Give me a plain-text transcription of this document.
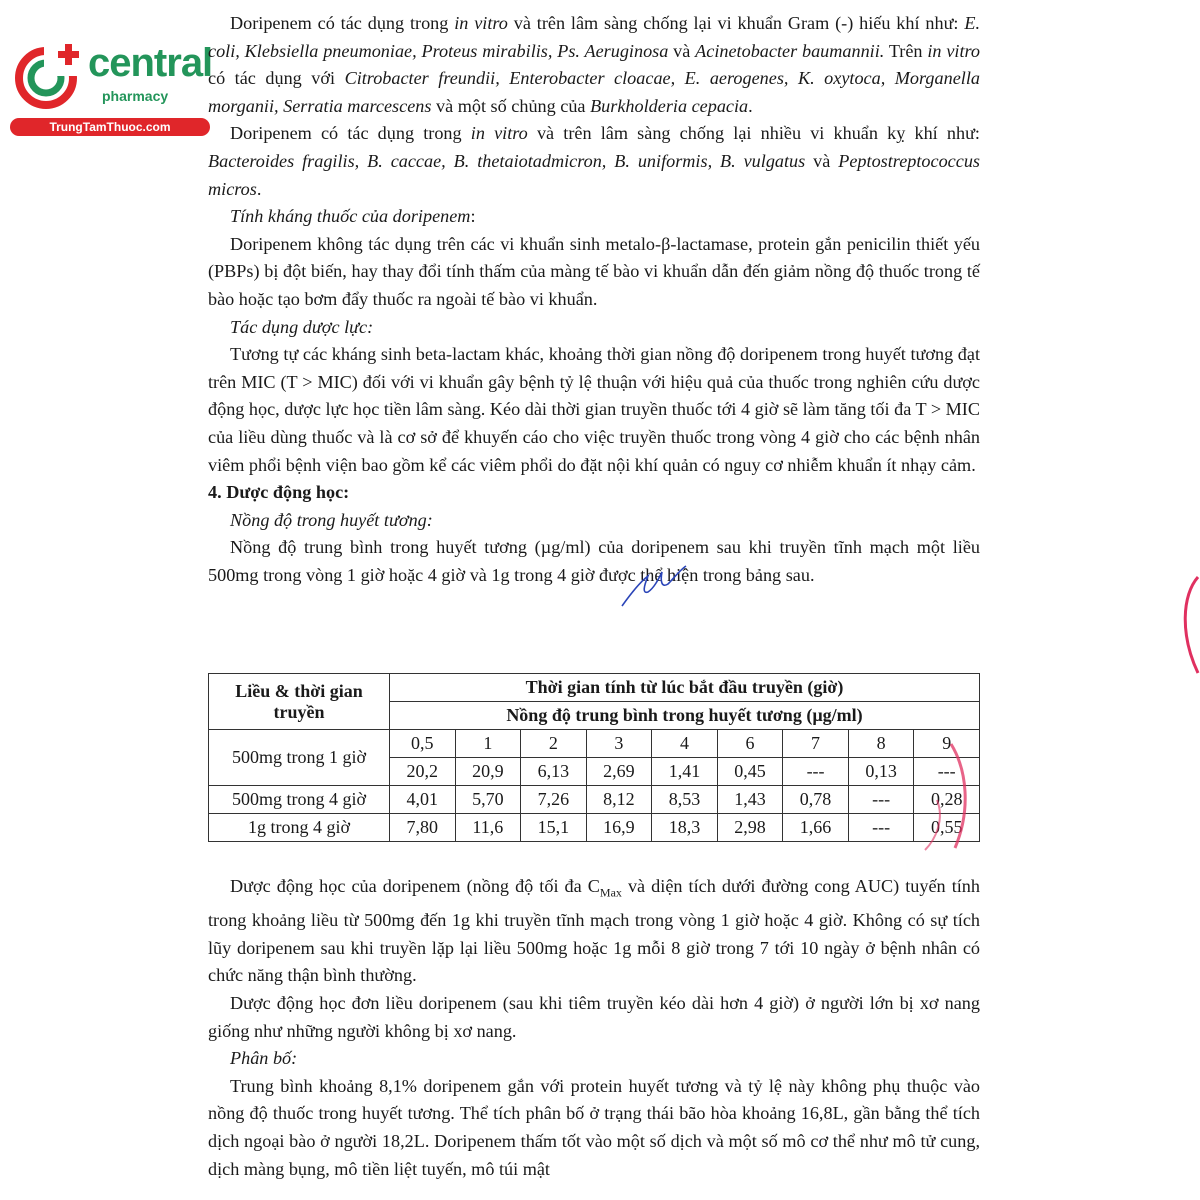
central
pharmacy
TrungTamThuoc.com

Doripenem có tác dụng trong in vitro và trên lâm sàng chống lại vi khuẩn Gram (-) hiếu khí như: E. coli, Klebsiella pneumoniae, Proteus mirabilis, Ps. Aeruginosa và Acinetobacter baumannii. Trên in vitro có tác dụng với Citrobacter freundii, Enterobacter cloacae, E. aerogenes, K. oxytoca, Morganella morganii, Serratia marcescens và một số chủng của Burkholderia cepacia.

Doripenem có tác dụng trong in vitro và trên lâm sàng chống lại nhiều vi khuẩn kỵ khí như: Bacteroides fragilis, B. caccae, B. thetaiotadmicron, B. uniformis, B. vulgatus và Peptostreptococcus micros.

Tính kháng thuốc của doripenem:

Doripenem không tác dụng trên các vi khuẩn sinh metalo-β-lactamase, protein gắn penicilin thiết yếu (PBPs) bị đột biến, hay thay đổi tính thấm của màng tế bào vi khuẩn dẫn đến giảm nồng độ thuốc trong tế bào hoặc tạo bơm đẩy thuốc ra ngoài tế bào vi khuẩn.

Tác dụng dược lực:

Tương tự các kháng sinh beta-lactam khác, khoảng thời gian nồng độ doripenem trong huyết tương đạt trên MIC (T > MIC) đối với vi khuẩn gây bệnh tỷ lệ thuận với hiệu quả của thuốc trong nghiên cứu dược động học, dược lực học tiền lâm sàng. Kéo dài thời gian truyền thuốc tới 4 giờ sẽ làm tăng tối đa T > MIC của liều dùng thuốc và là cơ sở để khuyến cáo cho việc truyền thuốc trong vòng 4 giờ cho các bệnh nhân viêm phổi bệnh viện bao gồm kể các viêm phổi do đặt nội khí quản có nguy cơ nhiễm khuẩn ít nhạy cảm.

4. Dược động học:

Nồng độ trong huyết tương:

Nồng độ trung bình trong huyết tương (µg/ml) của doripenem sau khi truyền tĩnh mạch một liều 500mg trong vòng 1 giờ hoặc 4 giờ và 1g trong 4 giờ được thể hiện trong bảng sau.

Liều & thời gian
truyền	Thời gian tính từ lúc bắt đầu truyền (giờ)								
	Nồng độ trung bình trong huyết tương (µg/ml)								
500mg trong 1 giờ	0,5	1	2	3	4	6	7	8	9
	20,2	20,9	6,13	2,69	1,41	0,45	---	0,13	---
500mg trong 4 giờ	4,01	5,70	7,26	8,12	8,53	1,43	0,78	---	0,28
1g trong 4 giờ	7,80	11,6	15,1	16,9	18,3	2,98	1,66	---	0,55

Dược động học của doripenem (nồng độ tối đa $C_{Max}$ và diện tích dưới đường cong AUC) tuyến tính trong khoảng liều từ 500mg đến 1g khi truyền tĩnh mạch trong vòng 1 giờ hoặc 4 giờ. Không có sự tích lũy doripenem sau khi truyền lặp lại liều 500mg hoặc 1g mỗi 8 giờ trong 7 tới 10 ngày ở bệnh nhân có chức năng thận bình thường.

Dược động học đơn liều doripenem (sau khi tiêm truyền kéo dài hơn 4 giờ) ở người lớn bị xơ nang giống như những người không bị xơ nang.

Phân bố:

Trung bình khoảng 8,1% doripenem gắn với protein huyết tương và tỷ lệ này không phụ thuộc vào nồng độ thuốc trong huyết tương. Thể tích phân bố ở trạng thái bão hòa khoảng 16,8L, gần bằng thể tích dịch ngoại bào ở người 18,2L. Doripenem thấm tốt vào một số dịch và một số mô cơ thể như mô tử cung, dịch màng bụng, mô tiền liệt tuyến, mô túi mật
